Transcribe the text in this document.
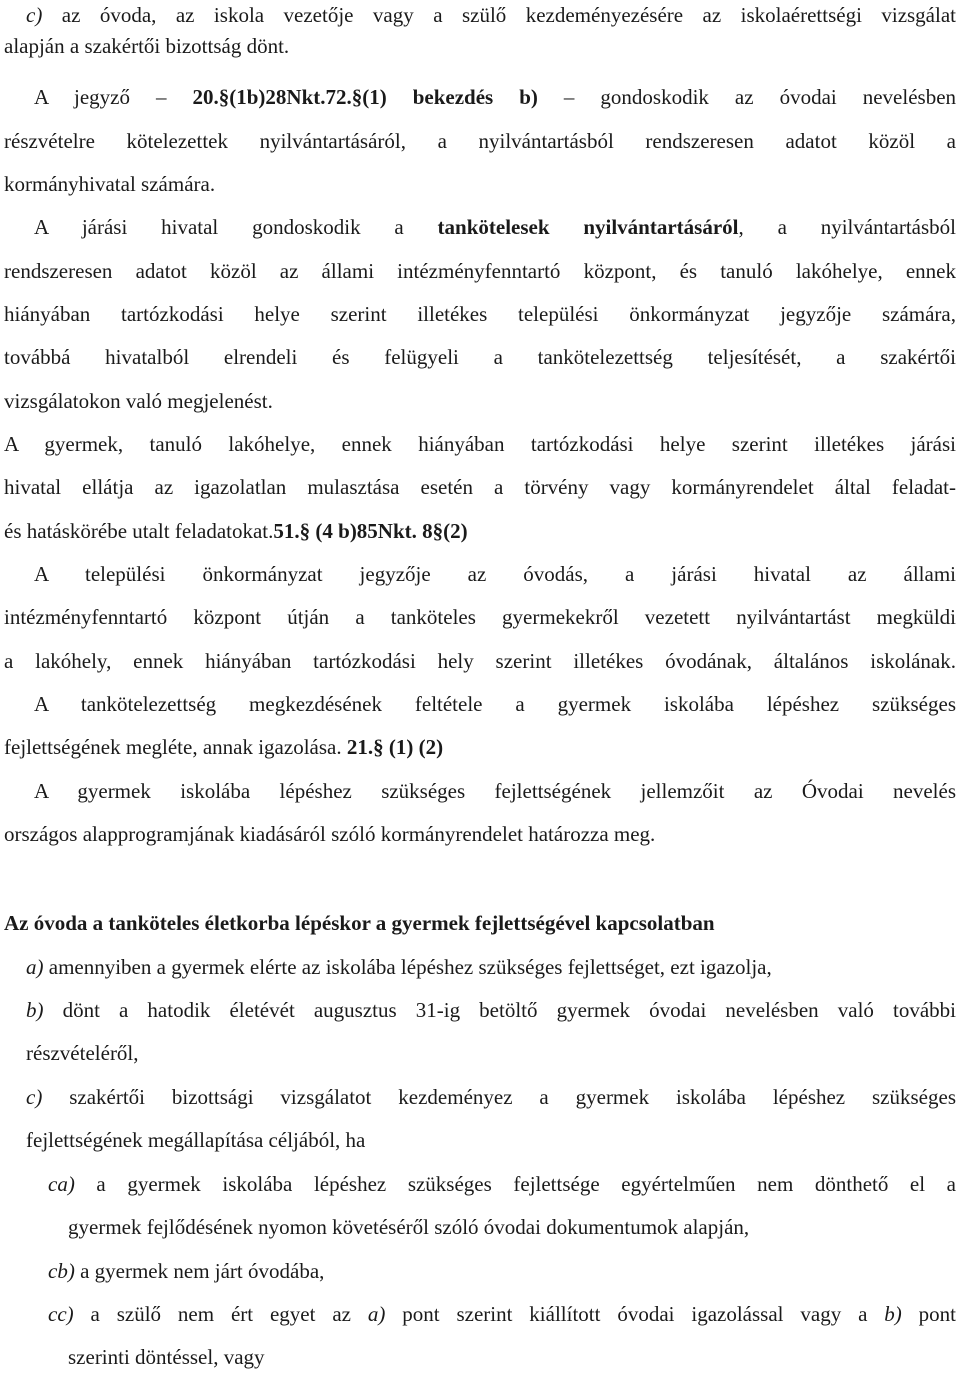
c) az óvoda, az iskola vezetője vagy a szülő kezdeményezésére az iskolaérettségi vizsgálat
alapján a szakértői bizottság dönt.
A jegyző – 20.§(1b)28Nkt.72.§(1) bekezdés b) – gondoskodik az óvodai nevelésben
részvételre kötelezettek nyilvántartásáról, a nyilvántartásból rendszeresen adatot közöl a
kormányhivatal számára.
A járási hivatal gondoskodik a tankötelesek nyilvántartásáról, a nyilvántartásból
rendszeresen adatot közöl az állami intézményfenntartó központ, és tanuló lakóhelye, ennek
hiányában tartózkodási helye szerint illetékes települési önkormányzat jegyzője számára,
továbbá hivatalból elrendeli és felügyeli a tankötelezettség teljesítését, a szakértői
vizsgálatokon való megjelenést.
A gyermek, tanuló lakóhelye, ennek hiányában tartózkodási helye szerint illetékes járási
hivatal ellátja az igazolatlan mulasztása esetén a törvény vagy kormányrendelet által feladat-
és hatáskörébe utalt feladatokat.51.§ (4 b)85Nkt. 8§(2)
A települési önkormányzat jegyzője az óvodás, a járási hivatal az állami
intézményfenntartó központ útján a tanköteles gyermekekről vezetett nyilvántartást megküldi
a lakóhely, ennek hiányában tartózkodási hely szerint illetékes óvodának, általános iskolának.
A tankötelezettség megkezdésének feltétele a gyermek iskolába lépéshez szükséges
fejlettségének megléte, annak igazolása. 21.§ (1) (2)
A gyermek iskolába lépéshez szükséges fejlettségének jellemzőit az Óvodai nevelés
országos alapprogramjának kiadásáról szóló kormányrendelet határozza meg.
Az óvoda a tanköteles életkorba lépéskor a gyermek fejlettségével kapcsolatban
a) amennyiben a gyermek elérte az iskolába lépéshez szükséges fejlettséget, ezt igazolja,
b) dönt a hatodik életévét augusztus 31-ig betöltő gyermek óvodai nevelésben való további
részvételéről,
c) szakértői bizottsági vizsgálatot kezdeményez a gyermek iskolába lépéshez szükséges
fejlettségének megállapítása céljából, ha
ca) a gyermek iskolába lépéshez szükséges fejlettsége egyértelműen nem dönthető el a
gyermek fejlődésének nyomon követéséről szóló óvodai dokumentumok alapján,
cb) a gyermek nem járt óvodába,
cc) a szülő nem ért egyet az a) pont szerint kiállított óvodai igazolással vagy a b) pont
szerinti döntéssel, vagy
